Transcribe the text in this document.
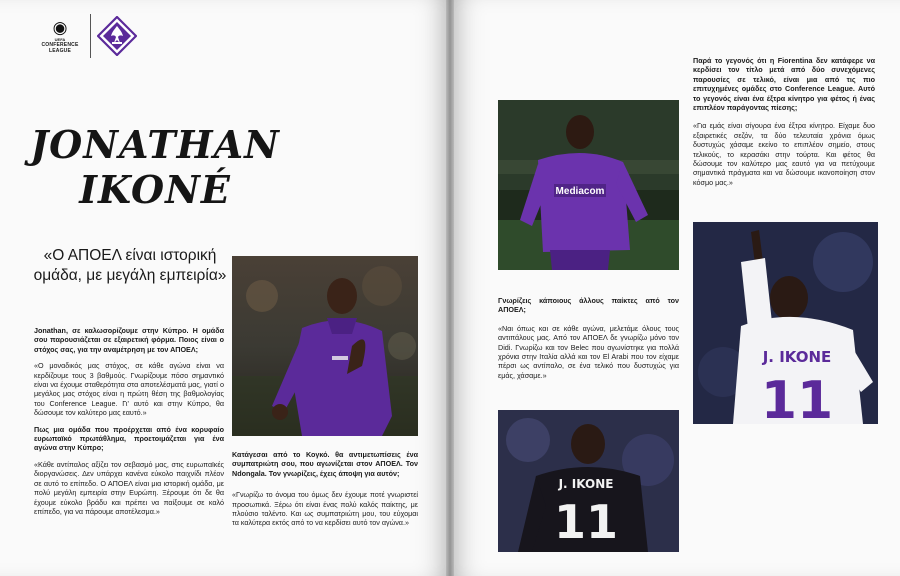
◉
UEFA
CONFERENCE
LEAGUE
JONATHAN
IKONÉ
«Ο ΑΠΟΕΛ είναι ιστορική ομάδα, με μεγάλη εμπειρία»

Jonathan, σε καλωσορίζουμε στην Κύπρο. Η ομάδα σου παρουσιάζεται σε εξαιρετική φόρμα. Ποιος είναι ο στόχος σας, για την αναμέτρηση με τον ΑΠΟΕΛ;

«Ο μοναδικός μας στόχος, σε κάθε αγώνα είναι να κερδίζουμε τους 3 βαθμούς. Γνωρίζουμε πόσο σημαντικό είναι να έχουμε σταθερότητα στα αποτελέσματά μας, γιατί ο μεγάλος μας στόχος είναι η πρώτη θέση της βαθμολογίας του Conference League. Γι' αυτό και στην Κύπρο, θα δώσουμε τον καλύτερο μας εαυτό.»

Πως μια ομάδα που προέρχεται από ένα κορυφαίο ευρωπαϊκό πρωτάθλημα, προετοιμάζεται για ένα αγώνα στην Κύπρο;

«Κάθε αντίπαλος αξίζει τον σεβασμό μας, στις ευρωπαϊκές διοργανώσεις. Δεν υπάρχει κανένα εύκολο παιχνίδι πλέον σε αυτό το επίπεδο. Ο ΑΠΟΕΛ είναι μια ιστορική ομάδα, με πολύ μεγάλη εμπειρία στην Ευρώπη. Ξέρουμε ότι δε θα έχουμε εύκολο βράδυ και πρέπει να παίξουμε σε καλό επίπεδο, για να πάρουμε αποτέλεσμα.»

Κατάγεσαι από το Κογκό. θα αντιμετωπίσεις ένα συμπατριώτη σου, που αγωνίζεται στον ΑΠΟΕΛ. Τον Ndongala. Τον γνωρίζεις, έχεις άποψη για αυτόν;

«Γνωρίζω το όνομα του όμως δεν έχουμε ποτέ γνωριστεί προσωπικά. Ξέρω ότι είναι ένας πολύ καλός παίκτης, με πλούσιο ταλέντο. Και ως συμπατριώτη μου, του εύχομαι τα καλύτερα εκτός από το να κερδίσει αυτό τον αγώνα.»

Mediacom

Γνωρίζεις κάποιους άλλους παίκτες από τον ΑΠΟΕΛ;

«Ναι όπως και σε κάθε αγώνα, μελετάμε όλους τους αντιπάλους μας. Από τον ΑΠΟΕΛ δε γνωρίζω μόνο τον Didi. Γνωρίζω και τον Belec που αγωνίστηκε για πολλά χρόνια στην Ιταλία αλλά και τον El Arabi που τον είχαμε πέρσι ως αντίπαλο, σε ένα τελικό που δυστυχώς για εμάς, χάσαμε.»

J. IKONE
11

Παρά το γεγονός ότι η Fiorentina δεν κατάφερε να κερδίσει τον τίτλο μετά από δύο συνεχόμενες παρουσίες σε τελικό, είναι μια από τις πιο επιτυχημένες ομάδες στο Conference League. Αυτό το γεγονός είναι ένα έξτρα κίνητρο για φέτος ή ένας επιπλέον παράγοντας πίεσης;

«Για εμάς είναι σίγουρα ένα έξτρα κίνητρο. Είχαμε δυο εξαιρετικές σεζόν, τα δύο τελευταία χρόνια όμως δυστυχώς χάσαμε εκείνο το επιπλέον σημείο, στους τελικούς, το κερασάκι στην τούρτα. Και φέτος θα δώσουμε τον καλύτερο μας εαυτό για να πετύχουμε σημαντικά πράγματα και να δώσουμε ικανοποίηση στον κόσμο μας.»

J. IKONE
11
